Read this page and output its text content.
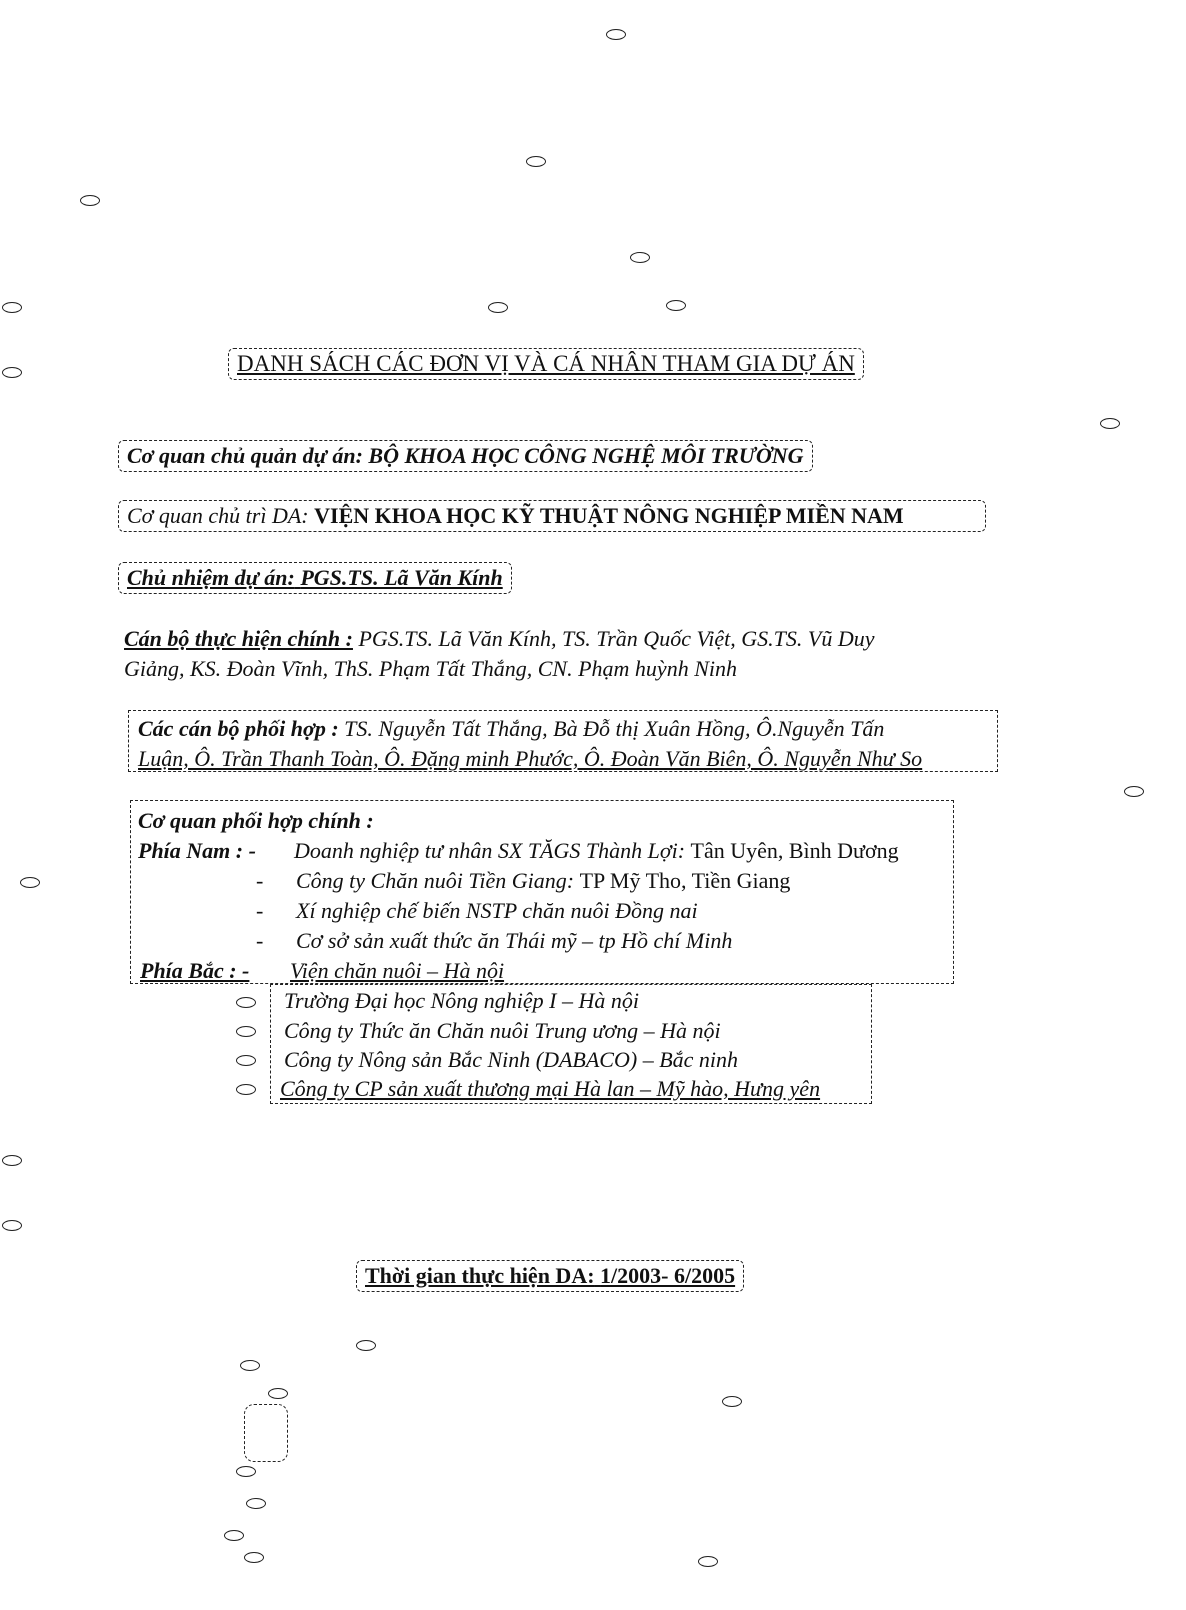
DANH SÁCH CÁC ĐƠN VỊ VÀ CÁ NHÂN THAM GIA DỰ ÁN
Cơ quan chủ quản dự án: BỘ KHOA HỌC CÔNG NGHỆ MÔI TRƯỜNG
Cơ quan chủ trì DA: VIỆN KHOA HỌC KỸ THUẬT NÔNG NGHIỆP MIỀN NAM
Chủ nhiệm dự án: PGS.TS. Lã Văn Kính
Cán bộ thực hiện chính : PGS.TS. Lã Văn Kính, TS. Trần Quốc Việt, GS.TS. Vũ Duy
Giảng, KS. Đoàn Vĩnh, ThS. Phạm Tất Thắng, CN. Phạm huỳnh Ninh
Các cán bộ phối hợp : TS. Nguyễn Tất Thắng, Bà Đỗ thị Xuân Hồng, Ô.Nguyễn Tấn
Luận, Ô. Trần Thanh Toàn, Ô. Đặng minh Phước, Ô. Đoàn Văn Biên, Ô. Nguyễn Như So
Cơ quan phối hợp chính :
Phía Nam : - Doanh nghiệp tư nhân SX TĂGS Thành Lợi: Tân Uyên, Bình Dương
- Công ty Chăn nuôi Tiền Giang: TP Mỹ Tho, Tiền Giang
- Xí nghiệp chế biến NSTP chăn nuôi Đồng nai
- Cơ sở sản xuất thức ăn Thái mỹ – tp Hồ chí Minh
Phía Bắc : - Viện chăn nuôi – Hà nội
Trường Đại học Nông nghiệp I – Hà nội
Công ty Thức ăn Chăn nuôi Trung ương – Hà nội
Công ty Nông sản Bắc Ninh (DABACO) – Bắc ninh
Công ty CP sản xuất thương mại Hà lan – Mỹ hào, Hưng yên
Thời gian thực hiện DA: 1/2003- 6/2005
